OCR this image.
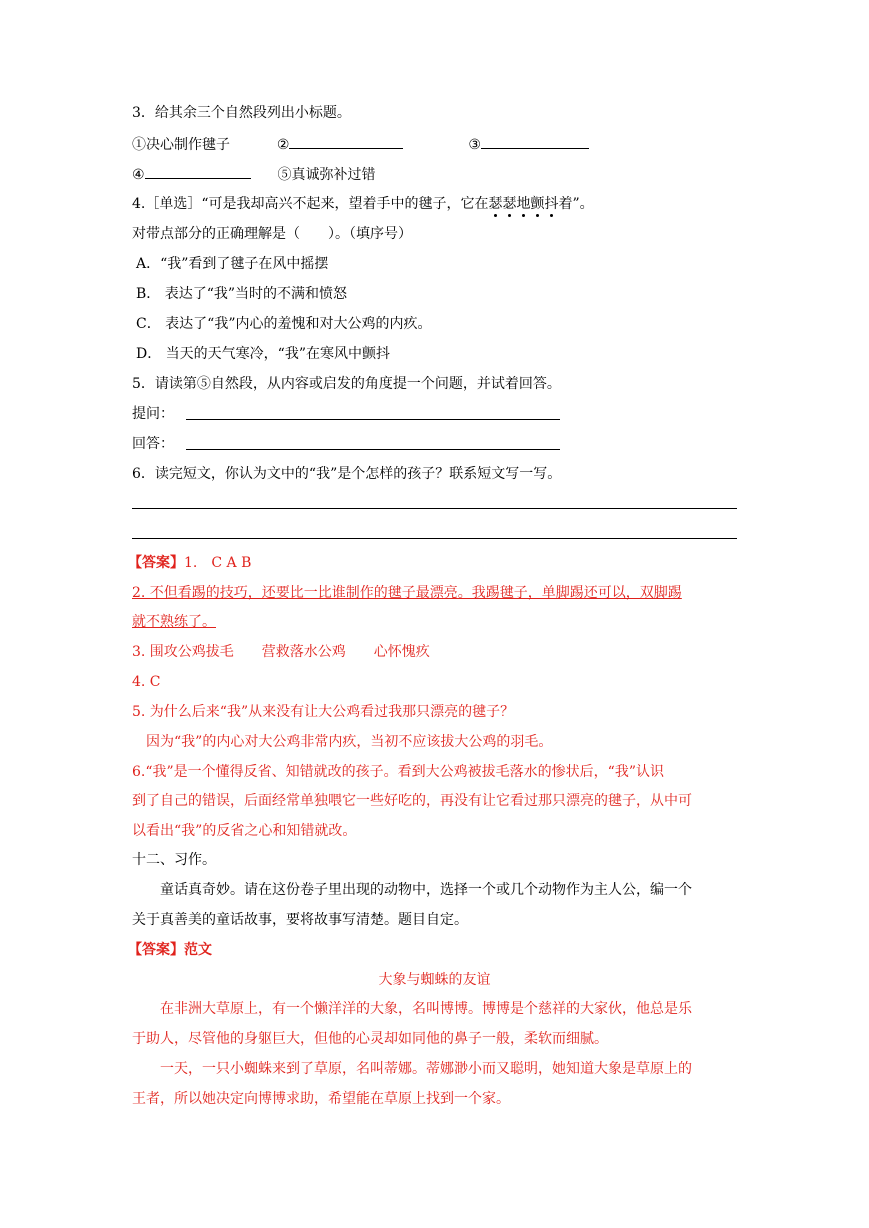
3．给其余三个自然段列出小标题。
①决心制作毽子	②	③
④	⑤真诚弥补过错
4.［单选］“可是我却高兴不起来，望着手中的毽子，它在瑟瑟地颤抖着”。
对带点部分的正确理解是（　　）。（填序号）
A．“我”看到了毽子在风中摇摆
B． 表达了“我”当时的不满和愤怒
C． 表达了“我”内心的羞愧和对大公鸡的内疚。
D． 当天的天气寒冷，“我”在寒风中颤抖
5．请读第⑤自然段，从内容或启发的角度提一个问题，并试着回答。
提问：
回答：
6．读完短文，你认为文中的“我”是个怎样的孩子？联系短文写一写。
【答案】1.　C A B
2. 不但看踢的技巧，还要比一比谁制作的毽子最漂亮。我踢毽子，单脚踢还可以，双脚踢
就不熟练了。
3. 围攻公鸡拔毛　　营救落水公鸡　　心怀愧疚
4. C
5. 为什么后来“我”从来没有让大公鸡看过我那只漂亮的毽子？
因为“我”的内心对大公鸡非常内疚，当初不应该拔大公鸡的羽毛。
6.“我”是一个懂得反省、知错就改的孩子。看到大公鸡被拔毛落水的惨状后，“我”认识
到了自己的错误，后面经常单独喂它一些好吃的，再没有让它看过那只漂亮的毽子，从中可
以看出“我”的反省之心和知错就改。
十二、习作。
童话真奇妙。请在这份卷子里出现的动物中，选择一个或几个动物作为主人公，编一个
关于真善美的童话故事，要将故事写清楚。题目自定。
【答案】范文
大象与蜘蛛的友谊
在非洲大草原上，有一个懒洋洋的大象，名叫博博。博博是个慈祥的大家伙，他总是乐
于助人，尽管他的身躯巨大，但他的心灵却如同他的鼻子一般，柔软而细腻。
一天，一只小蜘蛛来到了草原，名叫蒂娜。蒂娜渺小而又聪明，她知道大象是草原上的
王者，所以她决定向博博求助，希望能在草原上找到一个家。
